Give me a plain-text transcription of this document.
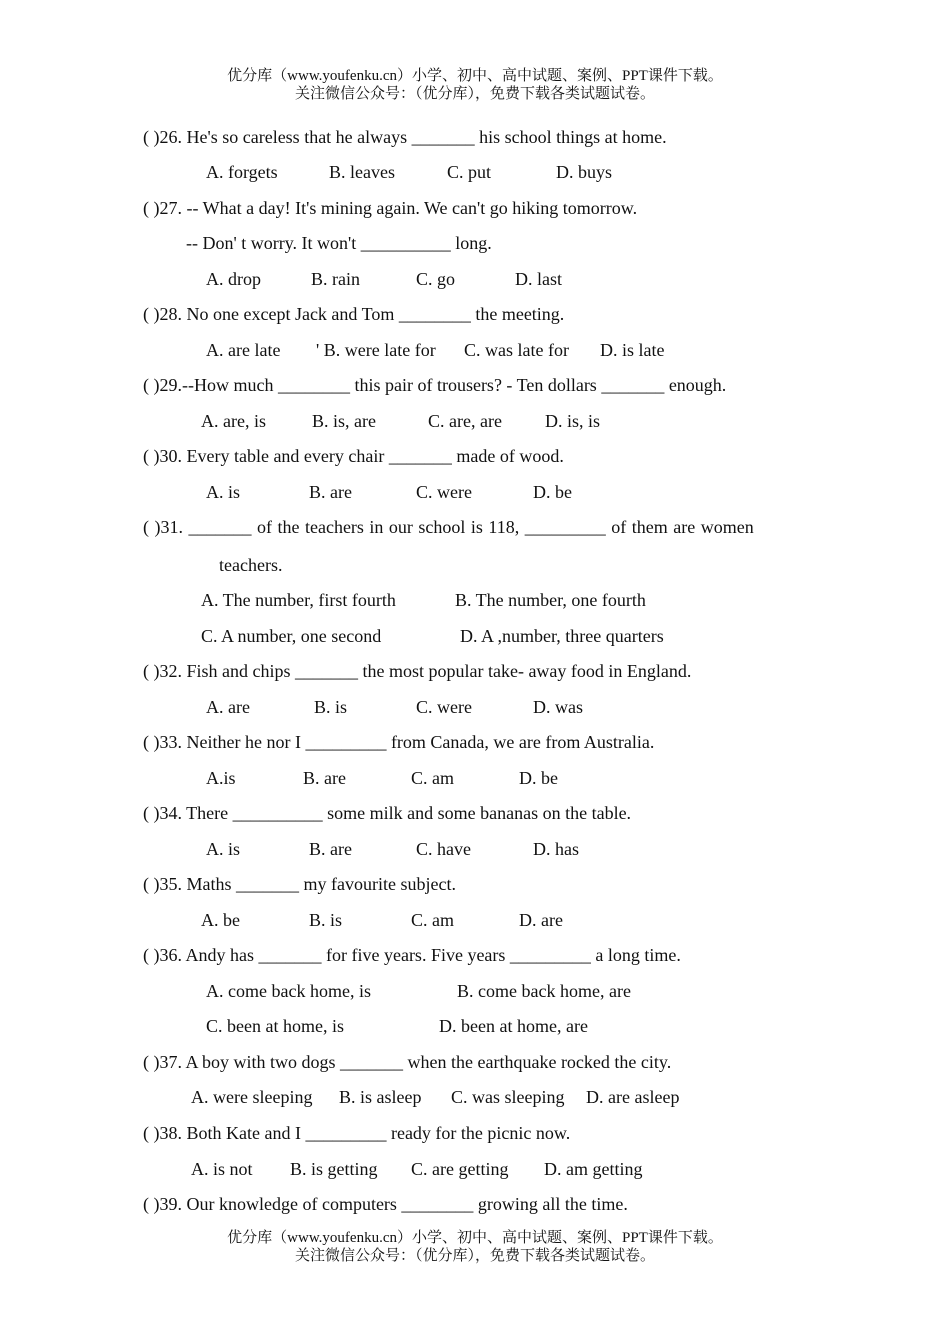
优分库（www.youfenku.cn）小学、初中、高中试题、案例、PPT课件下载。
关注微信公众号：（优分库），免费下载各类试题试卷。
( )26. He's so careless that he always _______ his school things at home.
A. forgets	B. leaves	C. put	D. buys
( )27. -- What a day! It's mining again. We can't go hiking tomorrow.
-- Don' t worry. It won't __________ long.
A. drop	B. rain	C. go	D. last
( )28. No one except Jack and Tom ________ the meeting.
A. are late ' B. were late for C. was late for D. is late
( )29.--How much ________ this pair of trousers? - Ten dollars _______ enough.
A. are, is	B. is, are	C. are, are D. is, is
( )30. Every table and every chair _______ made of wood.
A. is	B. are	C. were	D. be
( )31. _______ of the teachers in our school is 118, _________ of them are women
teachers.
A. The number, first fourth	B. The number, one fourth
C. A number, one second	D. A ,number, three quarters
( )32. Fish and chips _______ the most popular take- away food in England.
A. are	B. is	C. were	D. was
( )33. Neither he nor I _________ from Canada, we are from Australia.
A.is	B. are	C. am	D. be
( )34. There __________ some milk and some bananas on the table.
A. is	B. are	C. have	D. has
( )35. Maths _______ my favourite subject.
A. be	B. is	C. am	D. are
( )36. Andy has _______ for five years. Five years _________ a long time.
A. come back home, is	B. come back home, are
C. been at home, is	D. been at home, are
( )37. A boy with two dogs _______ when the earthquake rocked the city.
A. were sleeping B. is asleep C. was sleeping D. are asleep
( )38. Both Kate and I _________ ready for the picnic now.
A. is not B. is getting C. are getting D. am getting
( )39. Our knowledge of computers ________ growing all the time.
优分库（www.youfenku.cn）小学、初中、高中试题、案例、PPT课件下载。
关注微信公众号：（优分库），免费下载各类试题试卷。
